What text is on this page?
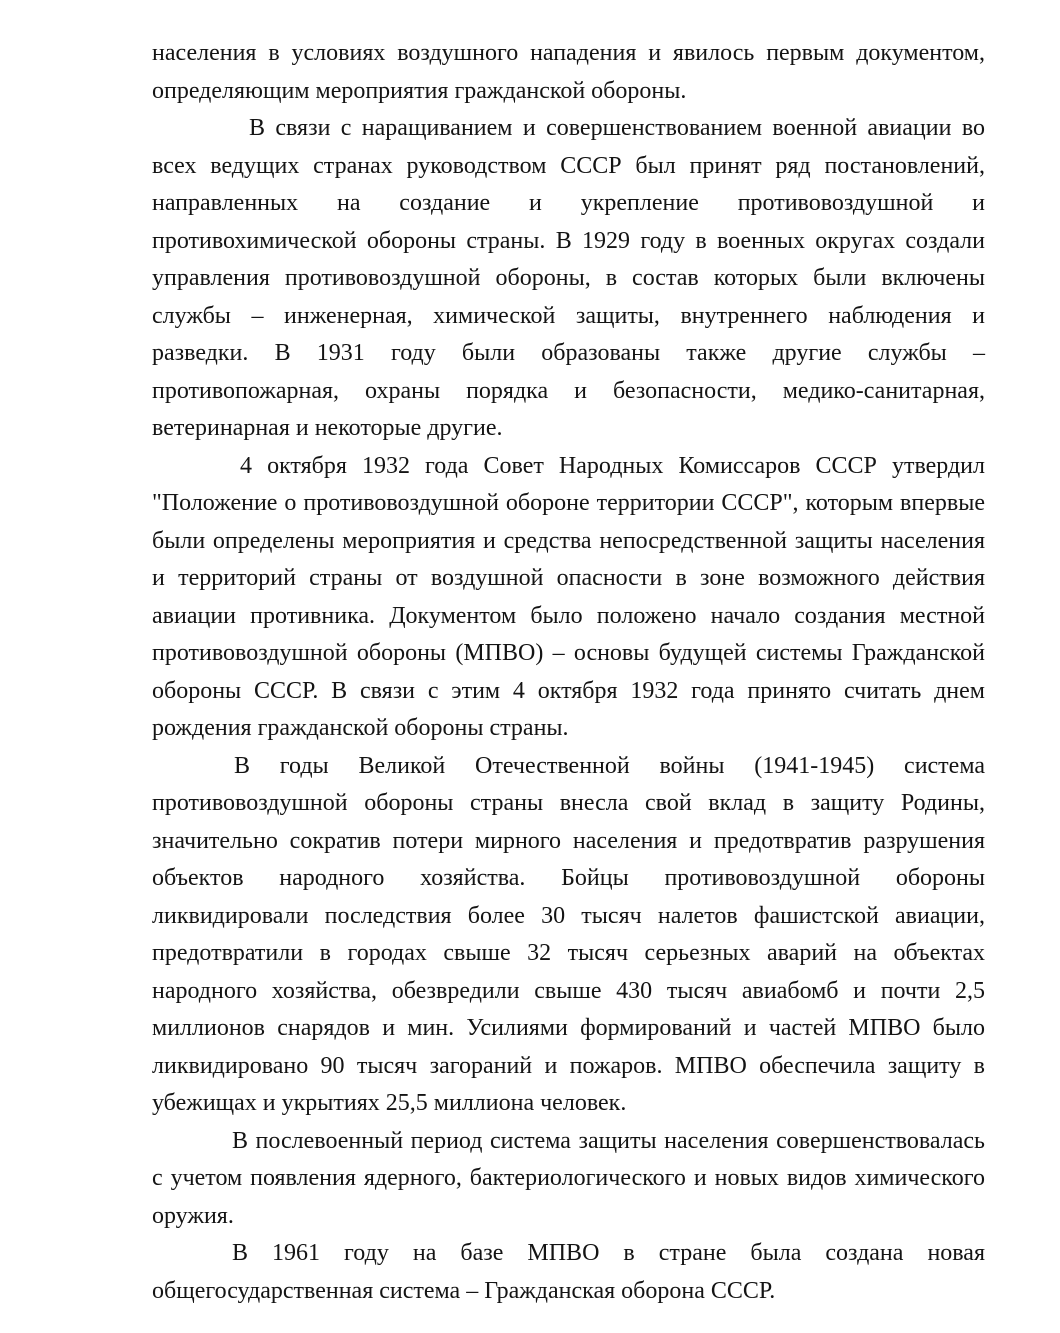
населения в условиях воздушного нападения и явилось первым документом, определяющим мероприятия гражданской обороны.

В связи с наращиванием и совершенствованием военной авиации во всех ведущих странах руководством СССР был принят ряд постановлений, направленных на создание и укрепление противовоздушной и противохимической обороны страны. В 1929 году в военных округах создали управления противовоздушной обороны, в состав которых были включены службы – инженерная, химической защиты, внутреннего наблюдения и разведки. В 1931 году были образованы также другие службы – противопожарная, охраны порядка и безопасности, медико-санитарная, ветеринарная и некоторые другие.

4 октября 1932 года Совет Народных Комиссаров СССР утвердил "Положение о противовоздушной обороне территории СССР", которым впервые были определены мероприятия и средства непосредственной защиты населения и территорий страны от воздушной опасности в зоне возможного действия авиации противника. Документом было положено начало создания местной противовоздушной обороны (МПВО) – основы будущей системы Гражданской обороны СССР. В связи с этим 4 октября 1932 года принято считать днем рождения гражданской обороны страны.

В годы Великой Отечественной войны (1941-1945) система противовоздушной обороны страны внесла свой вклад в защиту Родины, значительно сократив потери мирного населения и предотвратив разрушения объектов народного хозяйства. Бойцы противовоздушной обороны ликвидировали последствия более 30 тысяч налетов фашистской авиации, предотвратили в городах свыше 32 тысяч серьезных аварий на объектах народного хозяйства, обезвредили свыше 430 тысяч авиабомб и почти 2,5 миллионов снарядов и мин. Усилиями формирований и частей МПВО было ликвидировано 90 тысяч загораний и пожаров. МПВО обеспечила защиту в убежищах и укрытиях 25,5 миллиона человек.

В послевоенный период система защиты населения совершенствовалась с учетом появления ядерного, бактериологического и новых видов химического оружия.

В 1961 году на базе МПВО в стране была создана новая общегосударственная система – Гражданская оборона СССР.
